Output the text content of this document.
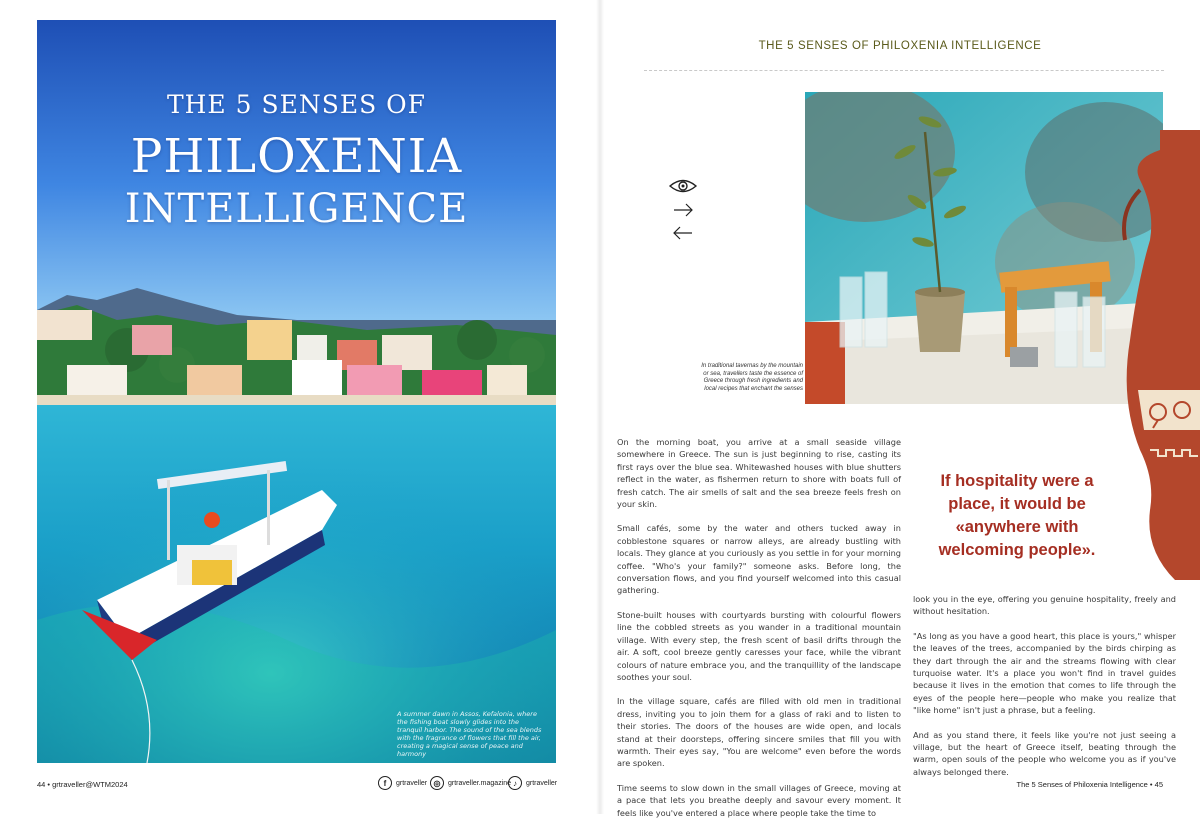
THE 5 SENSES OF
PHILOXENIA
INTELLIGENCE
A summer dawn in Assos, Kefalonia, where the fishing boat slowly glides into the tranquil harbor. The sound of the sea blends with the fragrance of flowers that fill the air, creating a magical sense of peace and harmony
44 • grtraveller@WTM2024	f	grtraveller ◎	grtraveller.magazine ♪	grtraveller
THE 5 SENSES OF PHILOXENIA INTELLIGENCE
In traditional tavernas by the mountain or sea, travellers taste the essence of Greece through fresh ingredients and local recipes that enchant the senses
If hospitality were a place, it would be «anywhere with welcoming people».

On the morning boat, you arrive at a small seaside village somewhere in Greece. The sun is just beginning to rise, casting its first rays over the blue sea. Whitewashed houses with blue shutters reflect in the water, as fishermen return to shore with boats full of fresh catch. The air smells of salt and the sea breeze feels fresh on your skin.

Small cafés, some by the water and others tucked away in cobblestone squares or narrow alleys, are already bustling with locals. They glance at you curiously as you settle in for your morning coffee. "Who's your family?" someone asks. Before long, the conversation flows, and you find yourself welcomed into this casual gathering.

Stone-built houses with courtyards bursting with colourful flowers line the cobbled streets as you wander in a traditional mountain village. With every step, the fresh scent of basil drifts through the air. A soft, cool breeze gently caresses your face, while the vibrant colours of nature embrace you, and the tranquillity of the landscape soothes your soul.

In the village square, cafés are filled with old men in traditional dress, inviting you to join them for a glass of raki and to listen to their stories. The doors of the houses are wide open, and locals stand at their doorsteps, offering sincere smiles that fill you with warmth. Their eyes say, "You are welcome" even before the words are spoken.

Time seems to slow down in the small villages of Greece, moving at a pace that lets you breathe deeply and savour every moment. It feels like you've entered a place where people take the time to

look you in the eye, offering you genuine hospitality, freely and without hesitation.

"As long as you have a good heart, this place is yours," whisper the leaves of the trees, accompanied by the birds chirping as they dart through the air and the streams flowing with clear turquoise water. It's a place you won't find in travel guides because it lives in the emotion that comes to life through the eyes of the people here—people who make you realize that "like home" isn't just a phrase, but a feeling.

And as you stand there, it feels like you're not just seeing a village, but the heart of Greece itself, beating through the warm, open souls of the people who welcome you as if you've always belonged there.

The 5 Senses of Philoxenia Intelligence • 45
